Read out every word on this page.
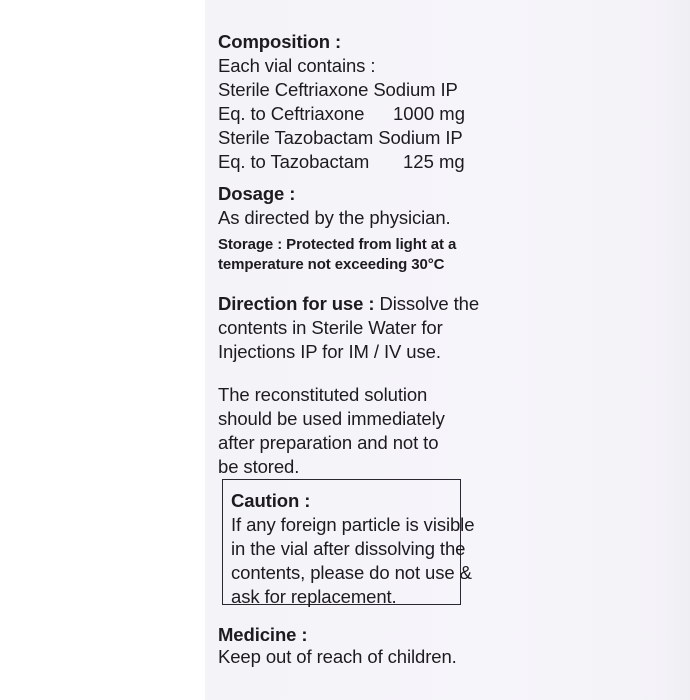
Composition :
Each vial contains :
Sterile Ceftriaxone Sodium IP
Eq. to Ceftriaxone 1000 mg
Sterile Tazobactam Sodium IP
Eq. to Tazobactam 125 mg
Dosage :
As directed by the physician.
Storage : Protected from light at a
temperature not exceeding 30°C
Direction for use : Dissolve the
contents in Sterile Water for
Injections IP for IM / IV use.
The reconstituted solution
should be used immediately
after preparation and not to
be stored.
Caution :
If any foreign particle is visible
in the vial after dissolving the
contents, please do not use &
ask for replacement.
Medicine :
Keep out of reach of children.
